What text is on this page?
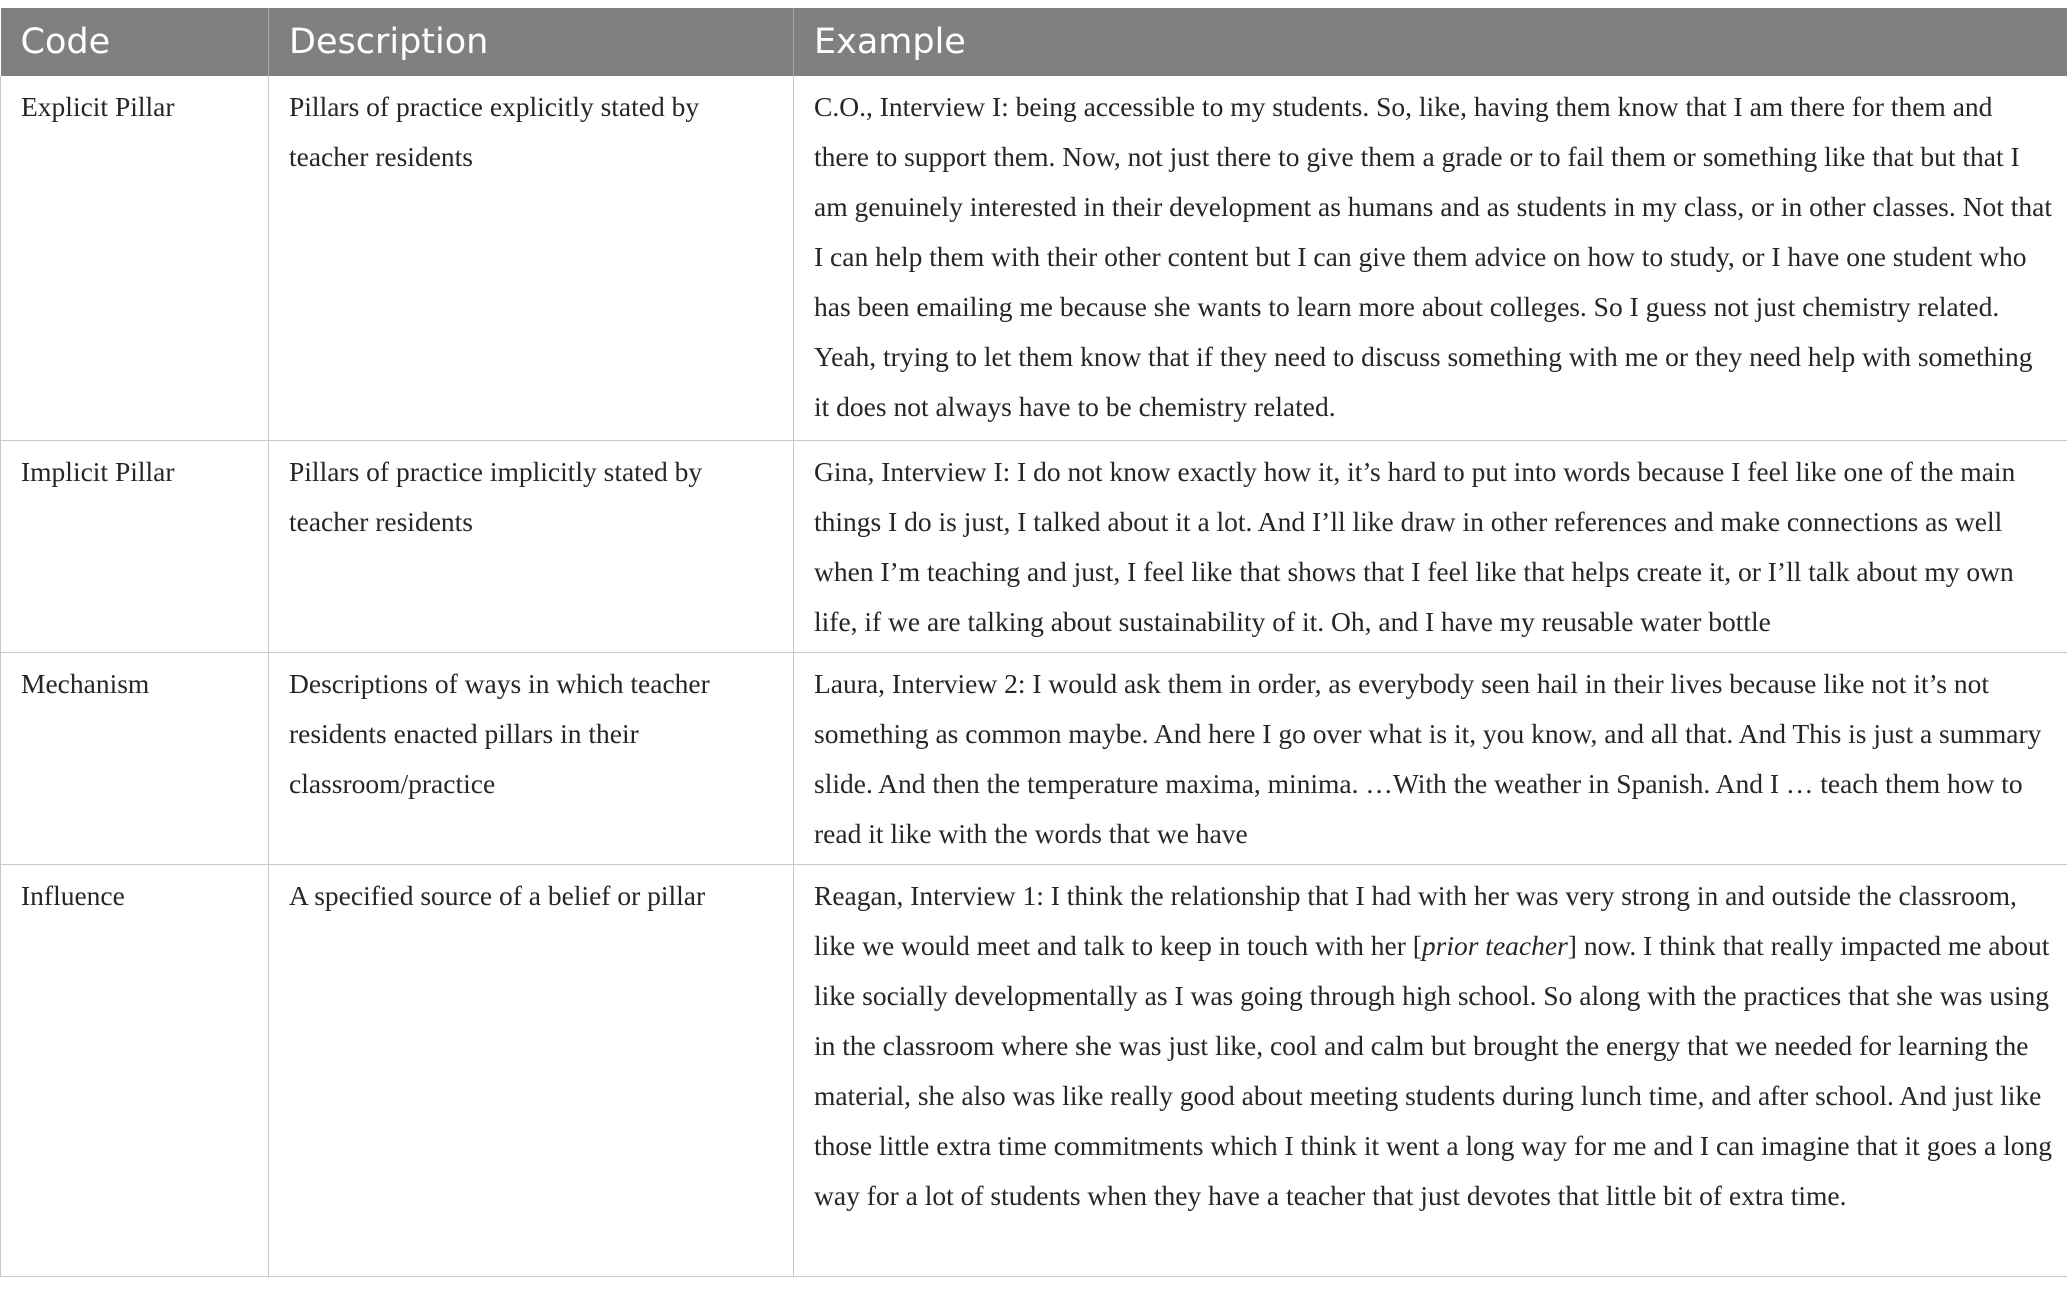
Code	Description	Example
Explicit Pillar	Pillars of practice explicitly stated by teacher residents	C.O., Interview I: being accessible to my students. So, like, having them know that I am there for them and there to support them. Now, not just there to give them a grade or to fail them or something like that but that I am genuinely interested in their development as humans and as students in my class, or in other classes. Not that I can help them with their other content but I can give them advice on how to study, or I have one student who has been emailing me because she wants to learn more about colleges. So I guess not just chemistry related. Yeah, trying to let them know that if they need to discuss something with me or they need help with something it does not always have to be chemistry related.
Implicit Pillar	Pillars of practice implicitly stated by teacher residents	Gina, Interview I: I do not know exactly how it, it’s hard to put into words because I feel like one of the main things I do is just, I talked about it a lot. And I’ll like draw in other references and make connections as well when I’m teaching and just, I feel like that shows that I feel like that helps create it, or I’ll talk about my own life, if we are talking about sustainability of it. Oh, and I have my reusable water bottle
Mechanism	Descriptions of ways in which teacher residents enacted pillars in their classroom/practice	Laura, Interview 2: I would ask them in order, as everybody seen hail in their lives because like not it’s not something as common maybe. And here I go over what is it, you know, and all that. And This is just a summary slide. And then the temperature maxima, minima. …With the weather in Spanish. And I … teach them how to read it like with the words that we have
Influence	A specified source of a belief or pillar	Reagan, Interview 1: I think the relationship that I had with her was very strong in and outside the classroom, like we would meet and talk to keep in touch with her [prior teacher] now. I think that really impacted me about like socially developmentally as I was going through high school. So along with the practices that she was using in the classroom where she was just like, cool and calm but brought the energy that we needed for learning the material, she also was like really good about meeting students during lunch time, and after school. And just like those little extra time commitments which I think it went a long way for me and I can imagine that it goes a long way for a lot of students when they have a teacher that just devotes that little bit of extra time.
